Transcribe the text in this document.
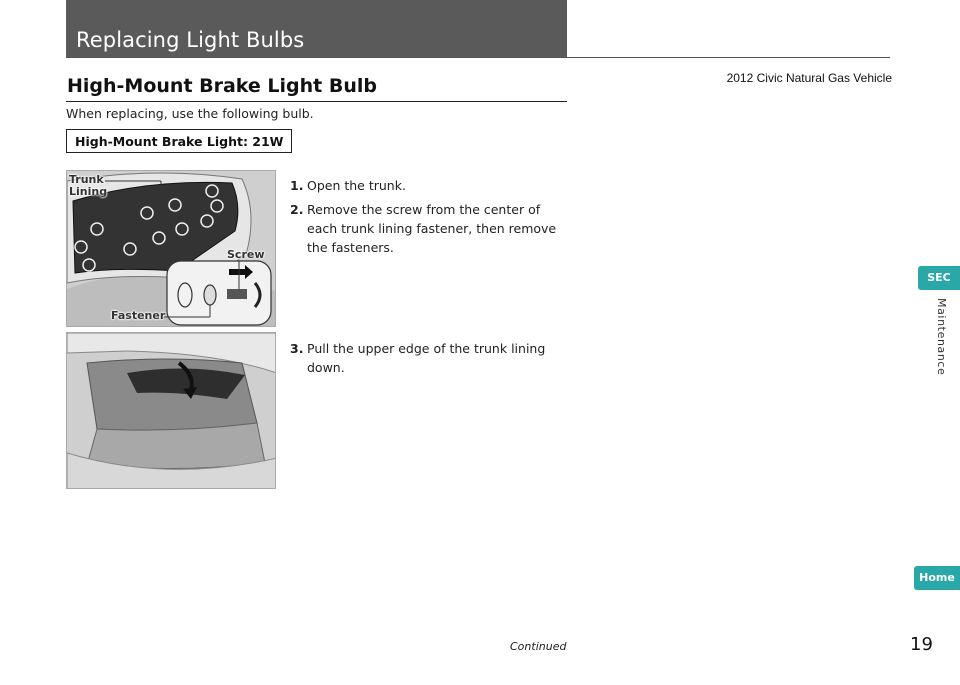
Replacing Light Bulbs
2012 Civic Natural Gas Vehicle
High-Mount Brake Light Bulb
When replacing, use the following bulb.
High-Mount Brake Light: 21W
Trunk
Lining
Screw
Fastener
1. Open the trunk.
2. Remove the screw from the center of each trunk lining fastener, then remove the fasteners.
3. Pull the upper edge of the trunk lining down.
SEC
Maintenance
Home
Continued	19
